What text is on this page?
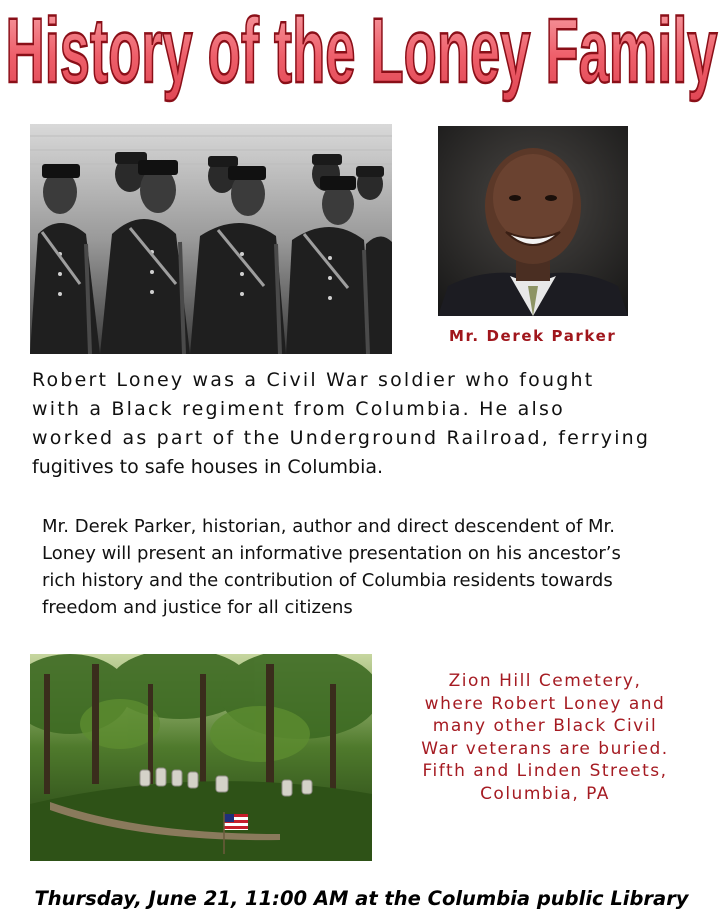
History of the Loney Family
Mr. Derek Parker
Robert Loney was a Civil War soldier who fought
with a Black regiment from Columbia. He also
worked as part of the Underground Railroad, ferrying
fugitives to safe houses in Columbia.
Mr. Derek Parker, historian, author and direct descendent of Mr.
Loney will present an informative presentation on his ancestor’s
rich history and the contribution of Columbia residents towards
freedom and justice for all citizens
Zion Hill Cemetery,
where Robert Loney and
many other Black Civil
War veterans are buried.
Fifth and Linden Streets,
Columbia, PA
Thursday, June 21, 11:00 AM at the Columbia public Library
